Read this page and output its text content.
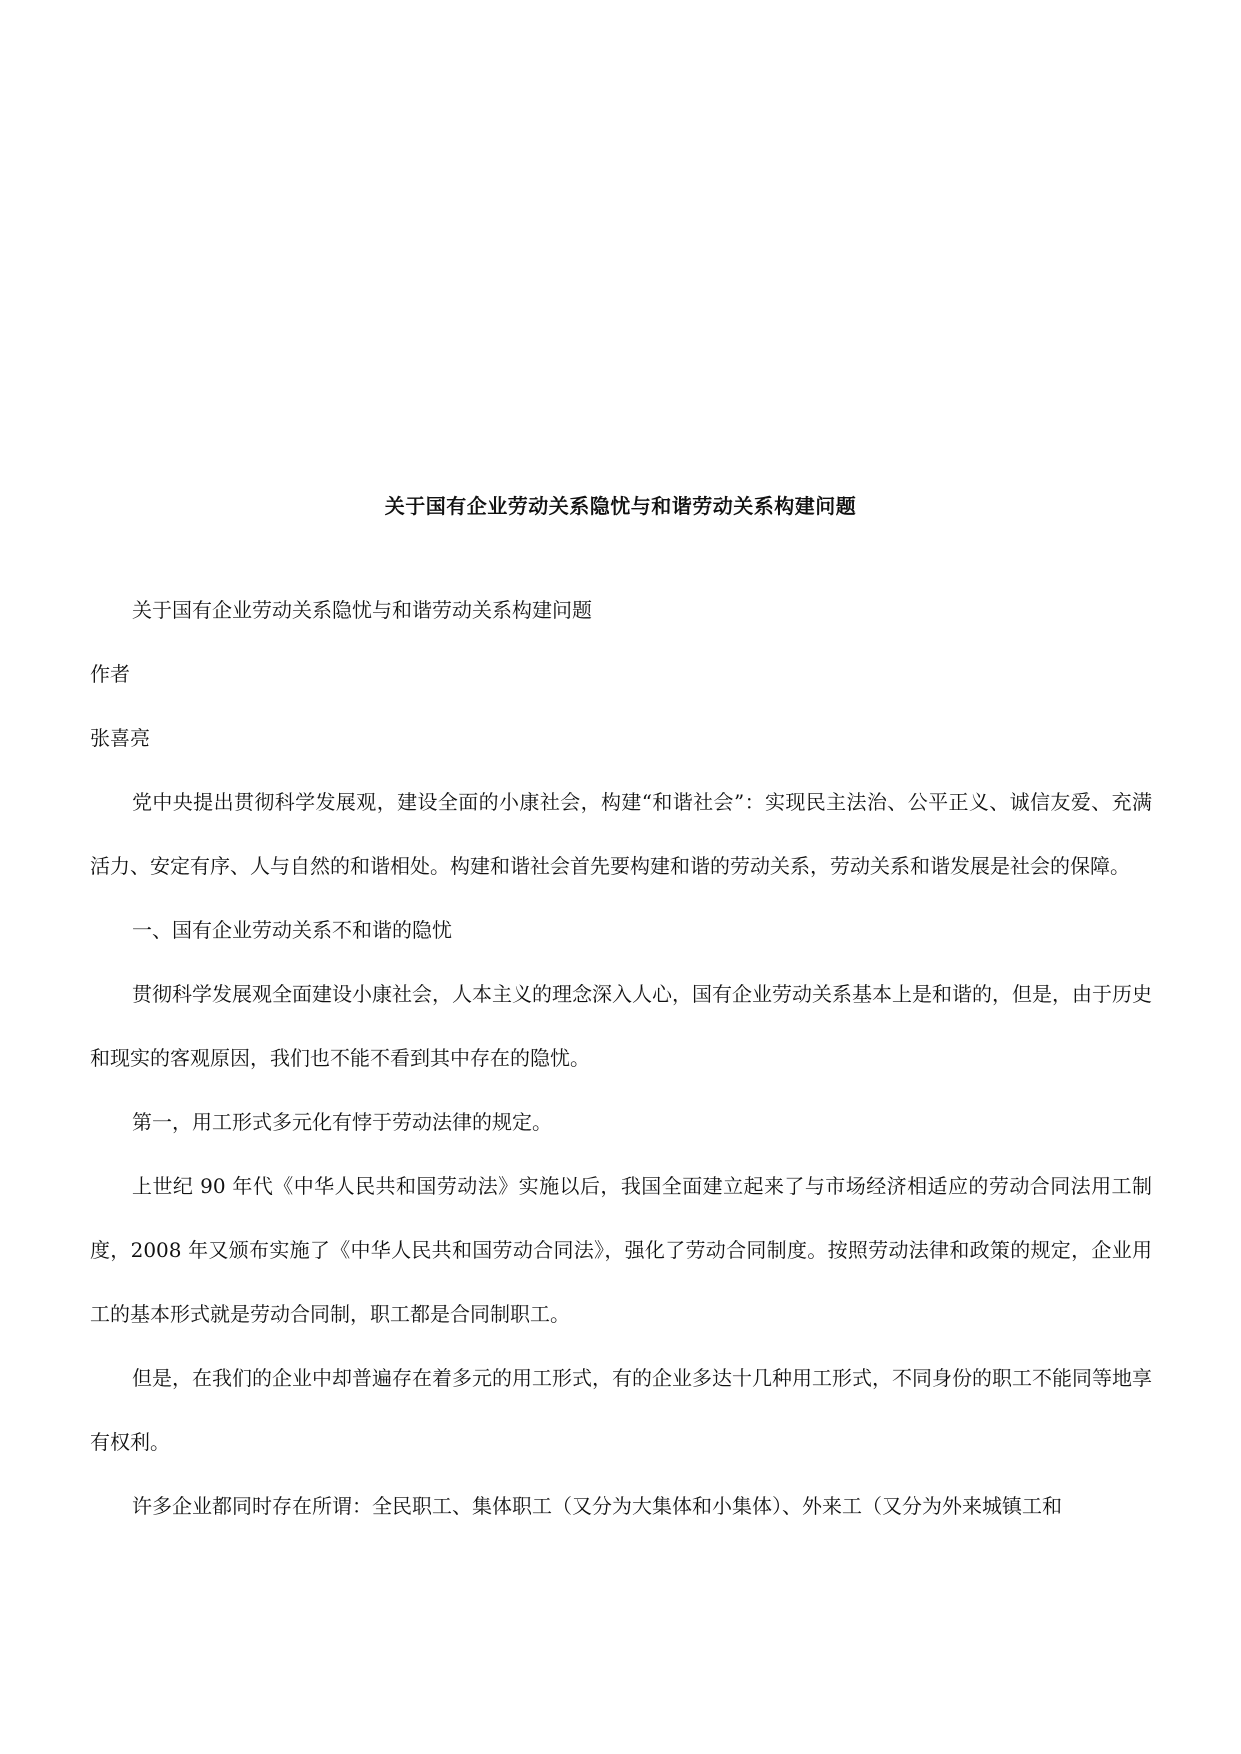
关于国有企业劳动关系隐忧与和谐劳动关系构建问题

关于国有企业劳动关系隐忧与和谐劳动关系构建问题

作者

张喜亮

党中央提出贯彻科学发展观，建设全面的小康社会，构建“和谐社会”：实现民主法治、公平正义、诚信友爱、充满活力、安定有序、人与自然的和谐相处。构建和谐社会首先要构建和谐的劳动关系，劳动关系和谐发展是社会的保障。

一、国有企业劳动关系不和谐的隐忧

贯彻科学发展观全面建设小康社会，人本主义的理念深入人心，国有企业劳动关系基本上是和谐的，但是，由于历史和现实的客观原因，我们也不能不看到其中存在的隐忧。

第一，用工形式多元化有悖于劳动法律的规定。

上世纪 90 年代《中华人民共和国劳动法》实施以后，我国全面建立起来了与市场经济相适应的劳动合同法用工制度，2008 年又颁布实施了《中华人民共和国劳动合同法》，强化了劳动合同制度。按照劳动法律和政策的规定，企业用工的基本形式就是劳动合同制，职工都是合同制职工。

但是，在我们的企业中却普遍存在着多元的用工形式，有的企业多达十几种用工形式，不同身份的职工不能同等地享有权利。

许多企业都同时存在所谓：全民职工、集体职工（又分为大集体和小集体）、外来工（又分为外来城镇工和
